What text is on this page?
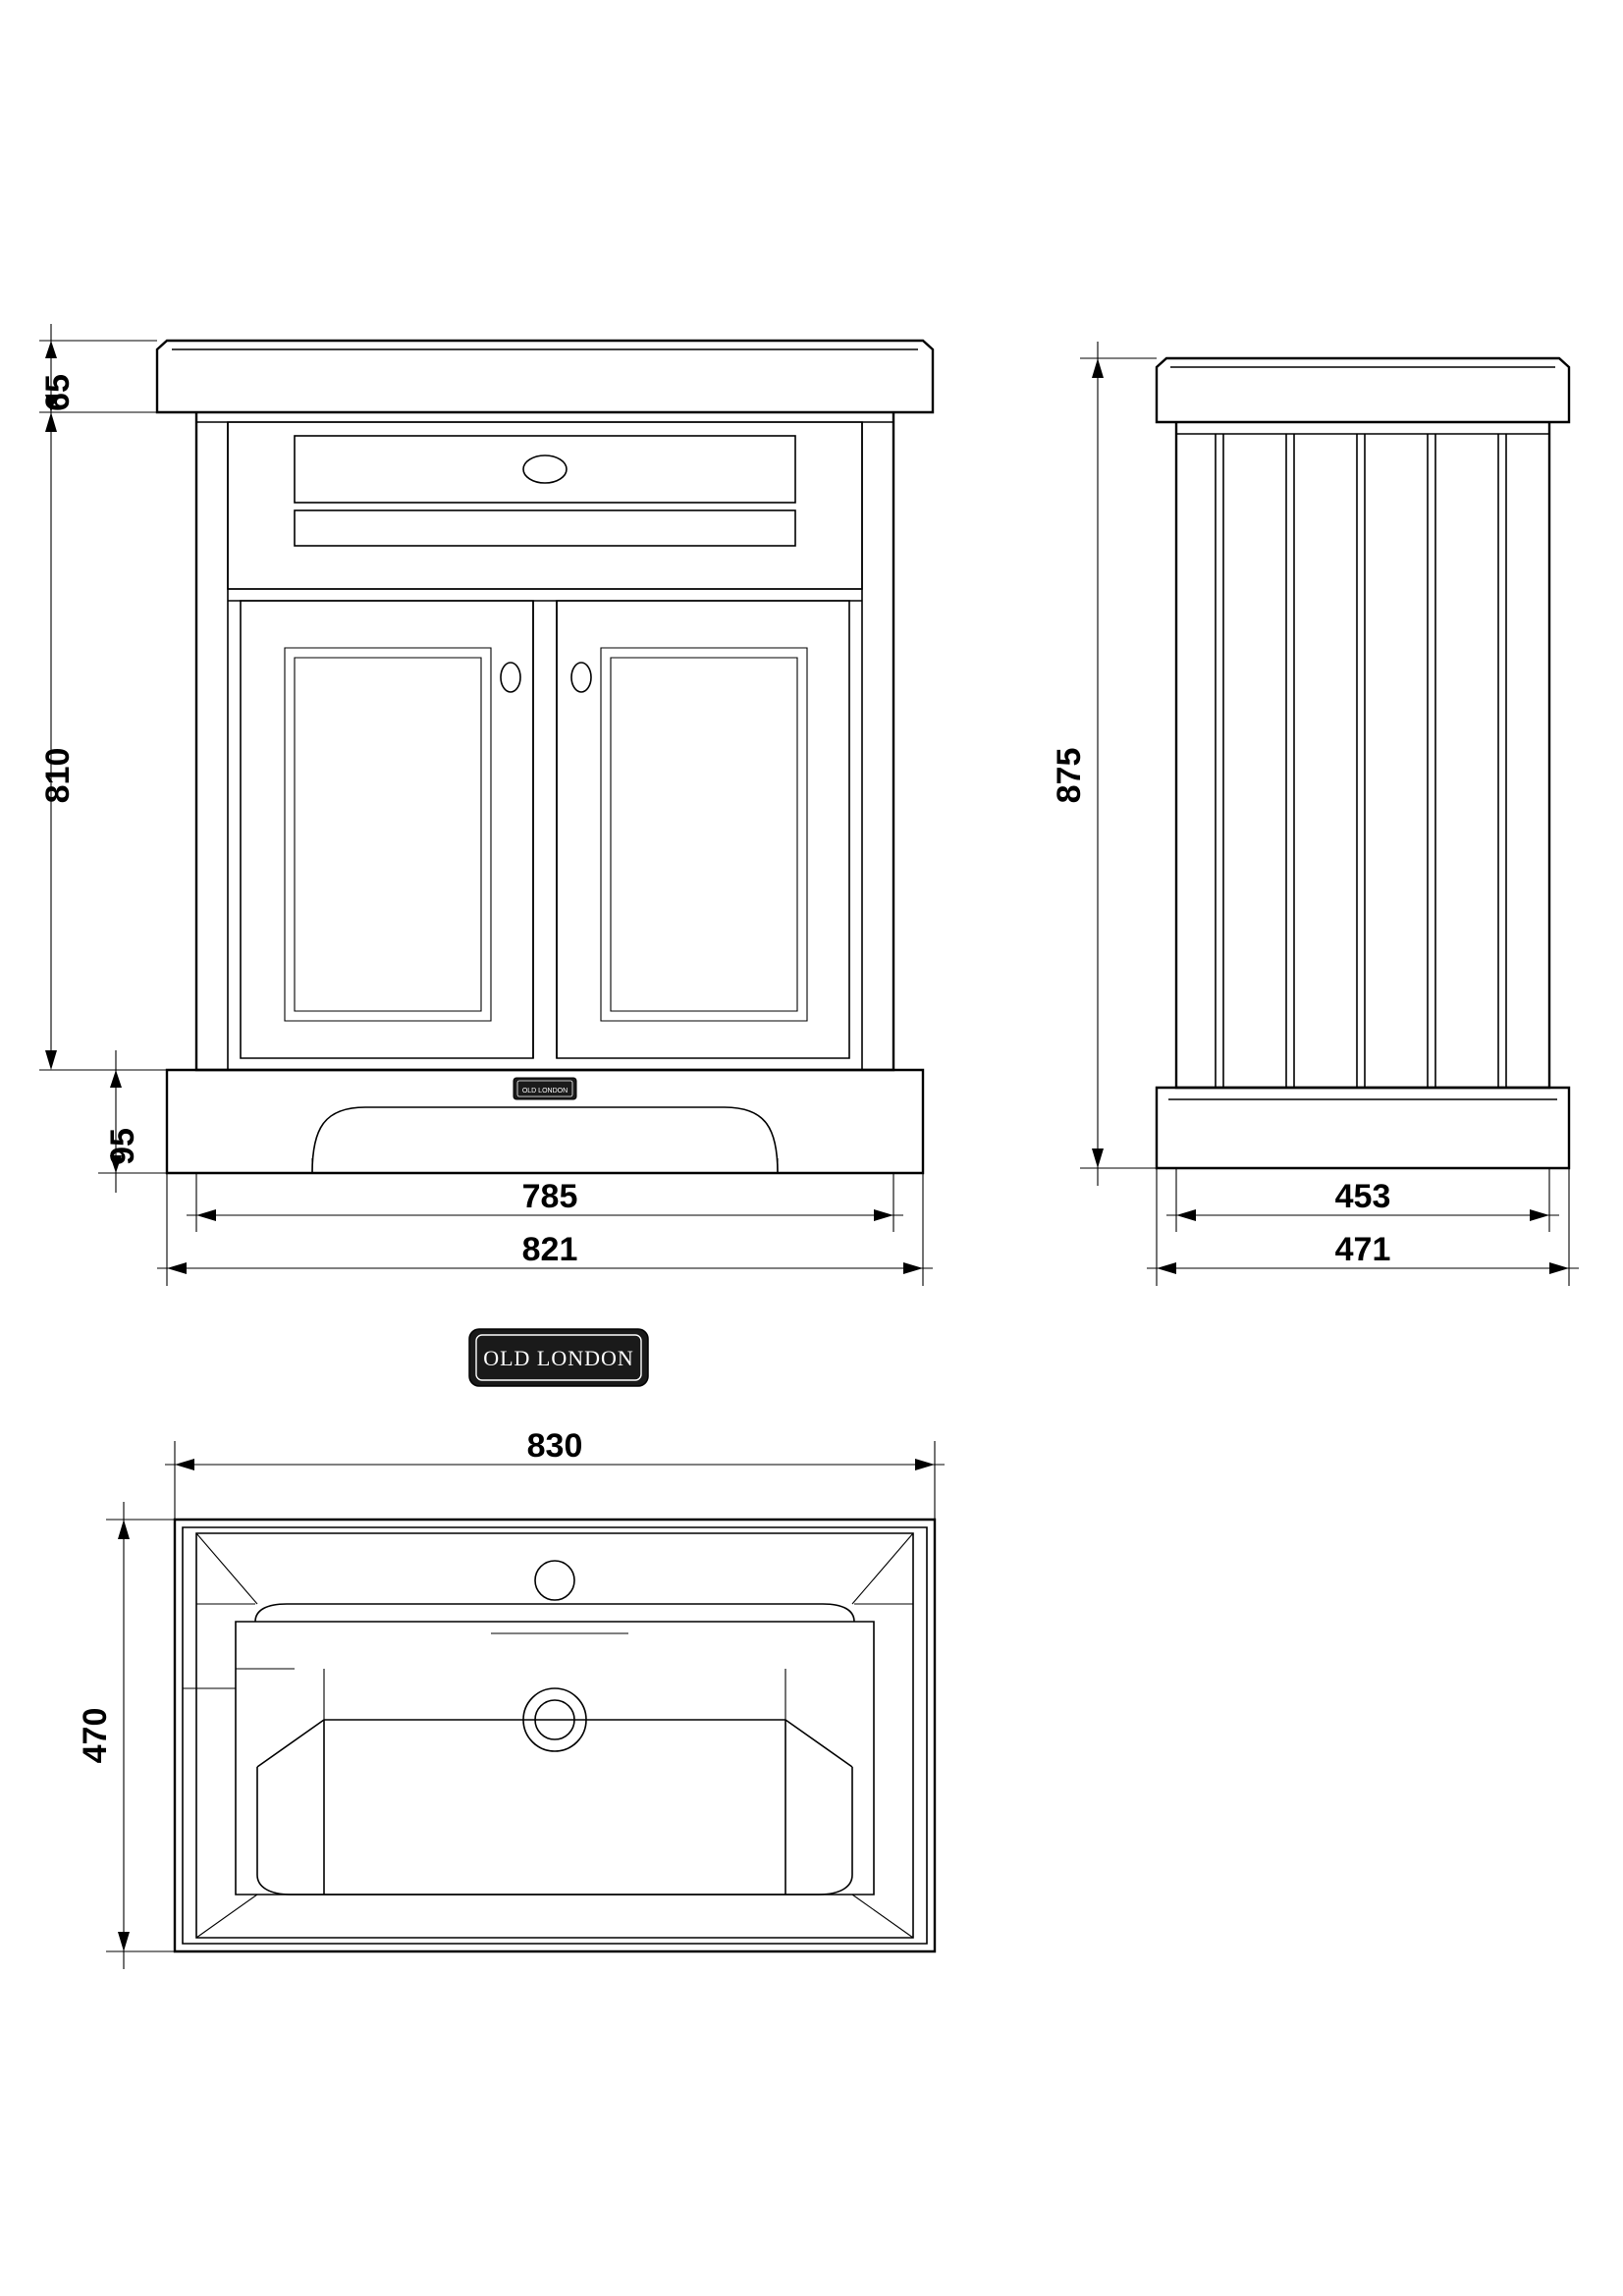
OLD LONDON
65
810
95
785
821
875
453
471
OLD LONDON
830
470
